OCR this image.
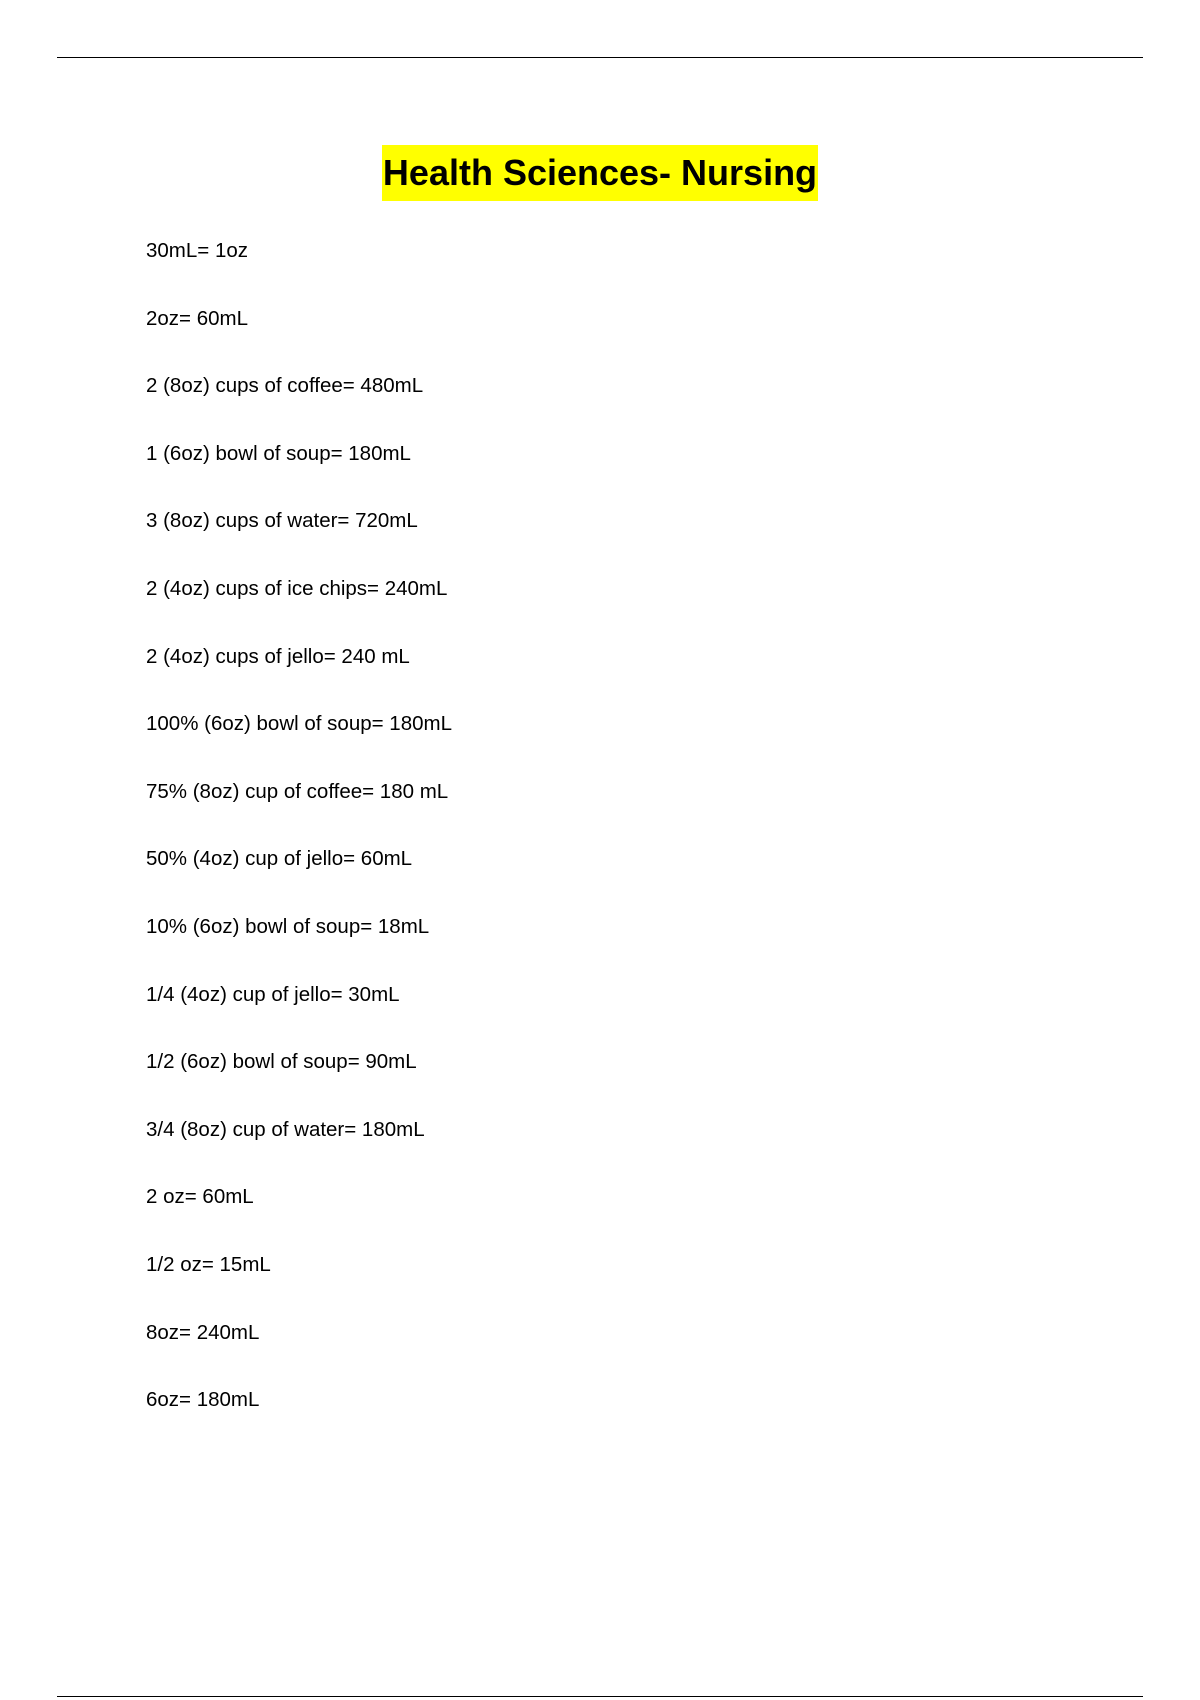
Health Sciences- Nursing
30mL= 1oz
2oz= 60mL
2 (8oz) cups of coffee= 480mL
1 (6oz) bowl of soup= 180mL
3 (8oz) cups of water= 720mL
2 (4oz) cups of ice chips= 240mL
2 (4oz) cups of jello= 240 mL
100% (6oz) bowl of soup= 180mL
75% (8oz) cup of coffee= 180 mL
50% (4oz) cup of jello= 60mL
10% (6oz) bowl of soup= 18mL
1/4 (4oz) cup of jello= 30mL
1/2 (6oz) bowl of soup= 90mL
3/4 (8oz) cup of water= 180mL
2 oz= 60mL
1/2 oz= 15mL
8oz= 240mL
6oz= 180mL
